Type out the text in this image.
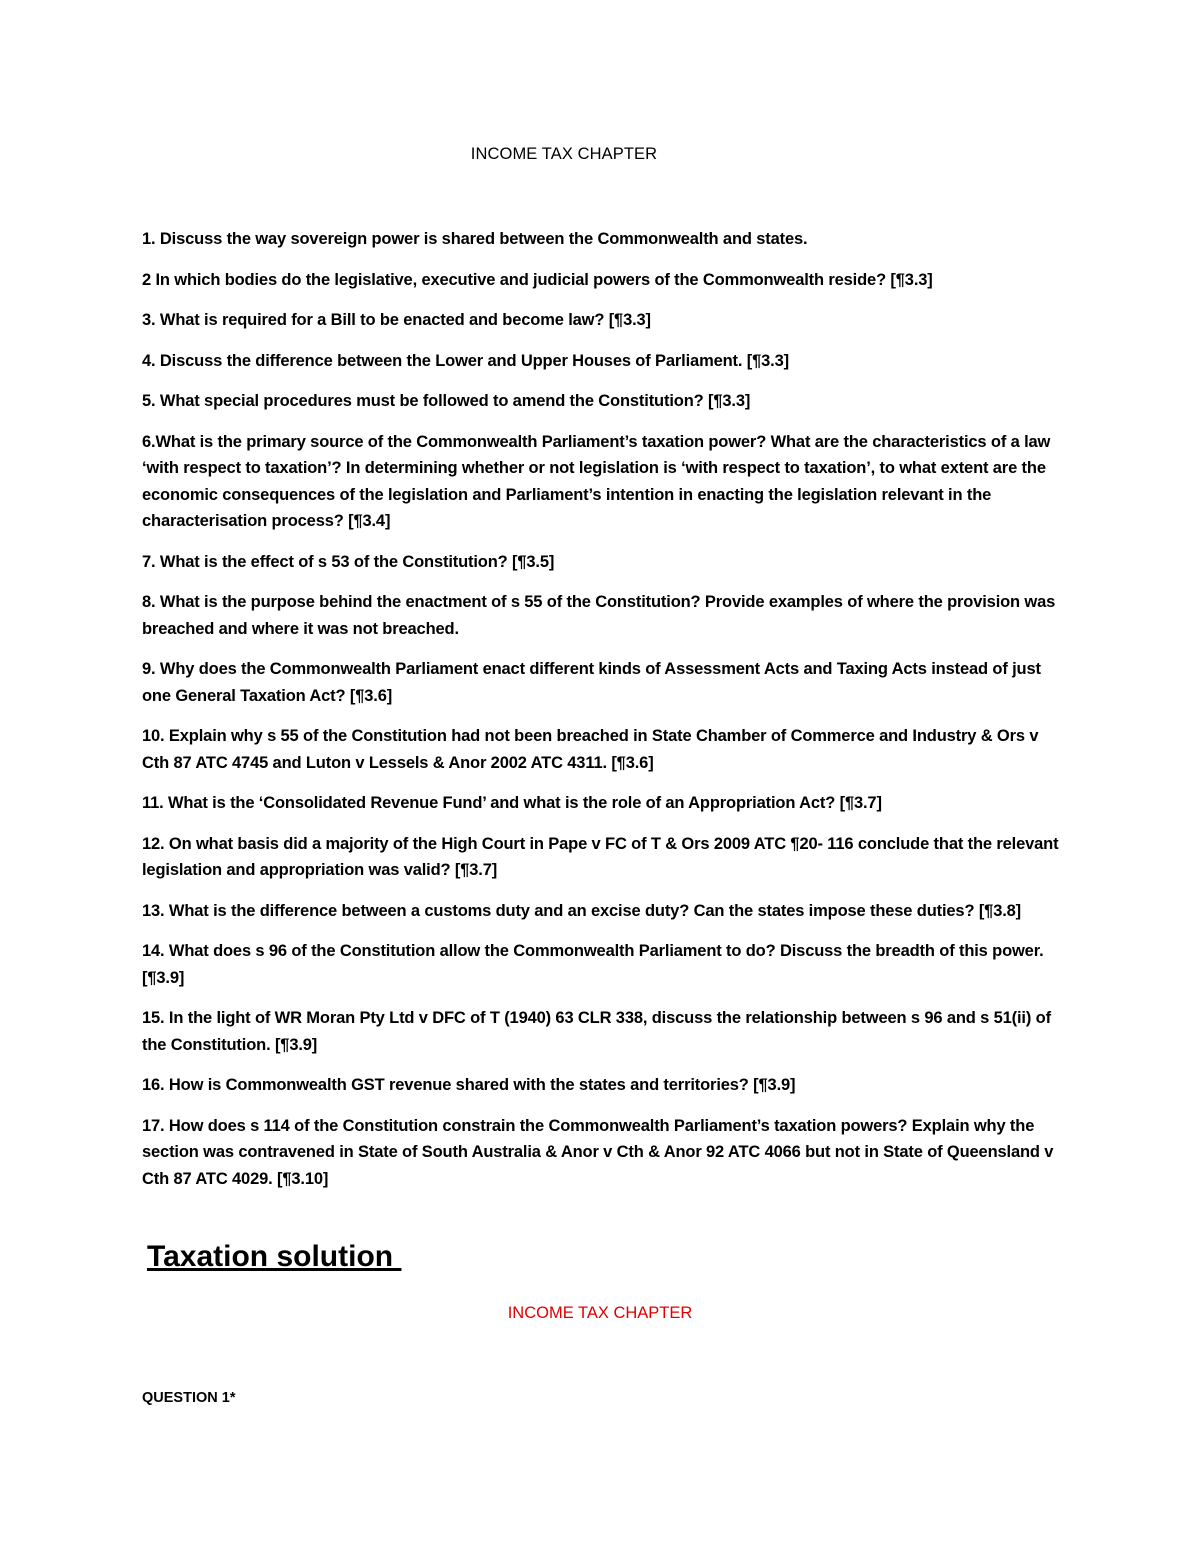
INCOME TAX CHAPTER
1. Discuss the way sovereign power is shared between the Commonwealth and states.
2 In which bodies do the legislative, executive and judicial powers of the Commonwealth reside? [¶3.3]
3. What is required for a Bill to be enacted and become law? [¶3.3]
4. Discuss the difference between the Lower and Upper Houses of Parliament. [¶3.3]
5. What special procedures must be followed to amend the Constitution? [¶3.3]
6.What is the primary source of the Commonwealth Parliament’s taxation power? What are the characteristics of a law ‘with respect to taxation’? In determining whether or not legislation is ‘with respect to taxation’, to what extent are the economic consequences of the legislation and Parliament’s intention in enacting the legislation relevant in the characterisation process? [¶3.4]
7. What is the effect of s 53 of the Constitution? [¶3.5]
8. What is the purpose behind the enactment of s 55 of the Constitution? Provide examples of where the provision was breached and where it was not breached.
9. Why does the Commonwealth Parliament enact different kinds of Assessment Acts and Taxing Acts instead of just one General Taxation Act? [¶3.6]
10. Explain why s 55 of the Constitution had not been breached in State Chamber of Commerce and Industry & Ors v Cth 87 ATC 4745 and Luton v Lessels & Anor 2002 ATC 4311. [¶3.6]
11. What is the ‘Consolidated Revenue Fund’ and what is the role of an Appropriation Act? [¶3.7]
12. On what basis did a majority of the High Court in Pape v FC of T & Ors 2009 ATC ¶20- 116 conclude that the relevant legislation and appropriation was valid? [¶3.7]
13. What is the difference between a customs duty and an excise duty? Can the states impose these duties? [¶3.8]
14. What does s 96 of the Constitution allow the Commonwealth Parliament to do? Discuss the breadth of this power. [¶3.9]
15. In the light of WR Moran Pty Ltd v DFC of T (1940) 63 CLR 338, discuss the relationship between s 96 and s 51(ii) of the Constitution. [¶3.9]
16. How is Commonwealth GST revenue shared with the states and territories? [¶3.9]
17. How does s 114 of the Constitution constrain the Commonwealth Parliament’s taxation powers? Explain why the section was contravened in State of South Australia & Anor v Cth & Anor 92 ATC 4066 but not in State of Queensland v Cth 87 ATC 4029. [¶3.10]
Taxation solution
INCOME TAX CHAPTER
QUESTION 1*
